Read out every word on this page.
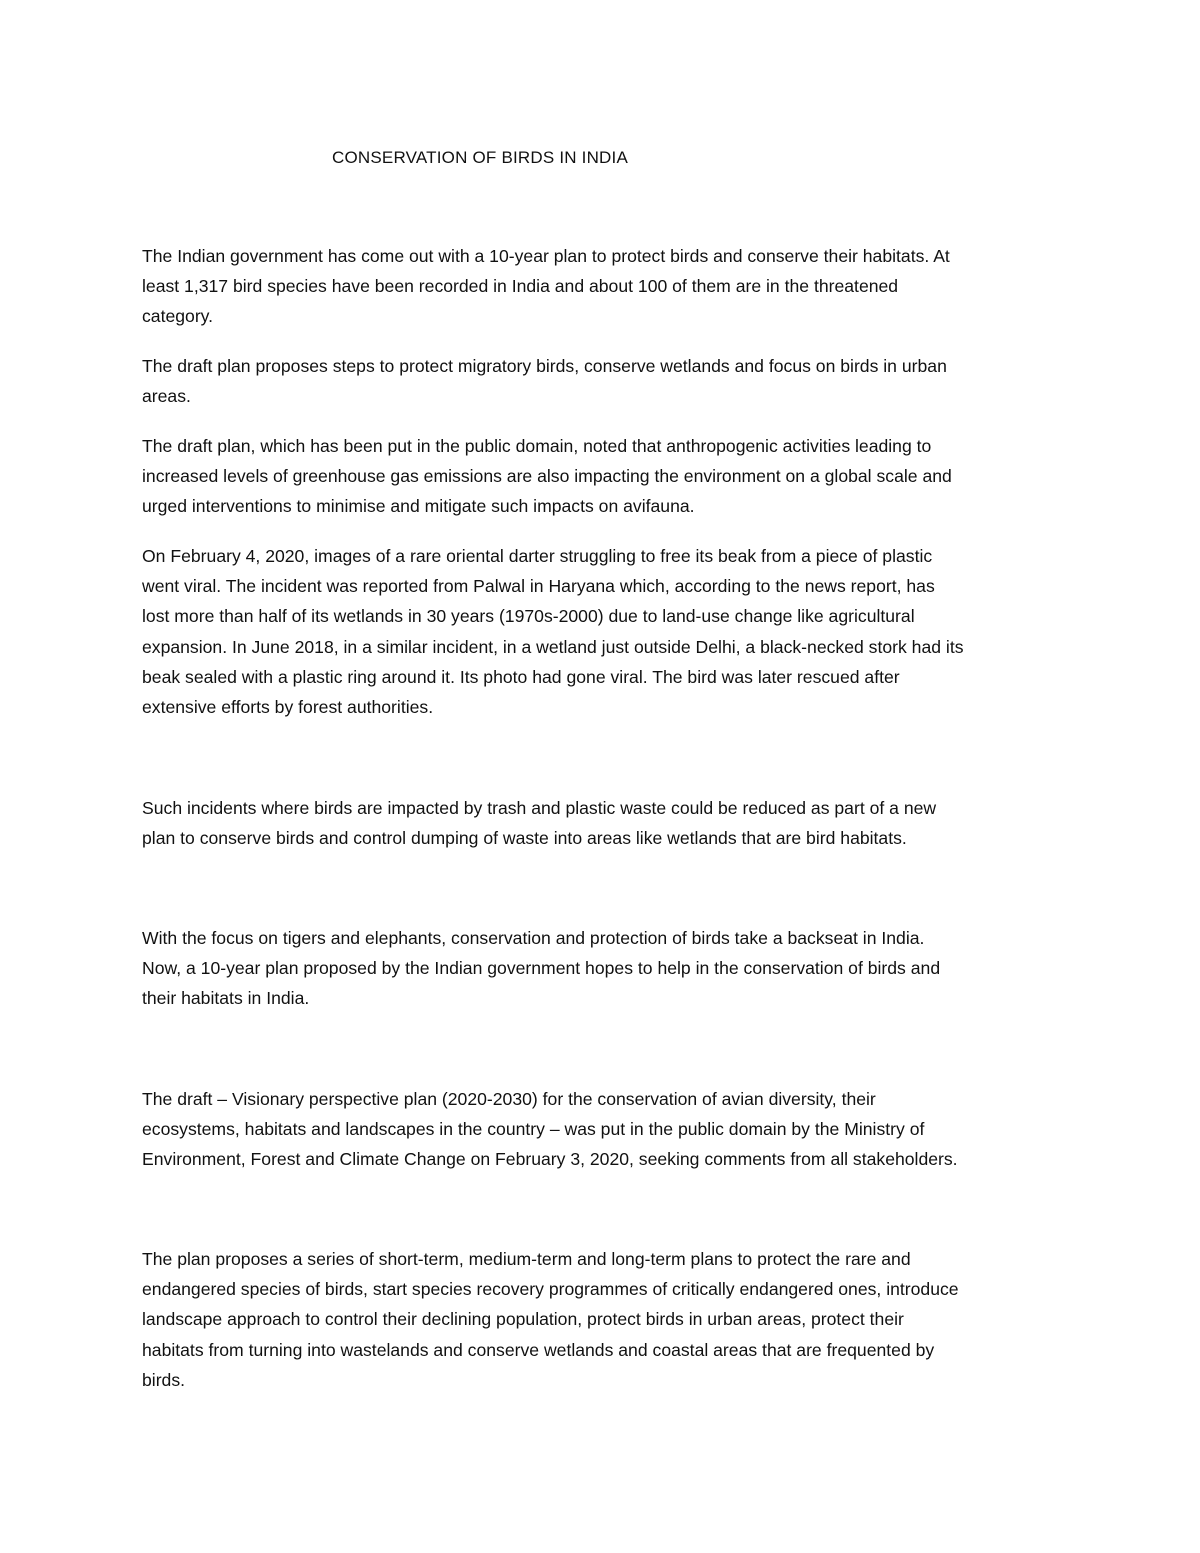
CONSERVATION OF BIRDS IN INDIA

The Indian government has come out with a 10-year plan to protect birds and conserve their habitats. At
least 1,317 bird species have been recorded in India and about 100 of them are in the threatened
category.

The draft plan proposes steps to protect migratory birds, conserve wetlands and focus on birds in urban
areas.

The draft plan, which has been put in the public domain, noted that anthropogenic activities leading to
increased levels of greenhouse gas emissions are also impacting the environment on a global scale and
urged interventions to minimise and mitigate such impacts on avifauna.

On February 4, 2020, images of a rare oriental darter struggling to free its beak from a piece of plastic
went viral. The incident was reported from Palwal in Haryana which, according to the news report, has
lost more than half of its wetlands in 30 years (1970s-2000) due to land-use change like agricultural
expansion. In June 2018, in a similar incident, in a wetland just outside Delhi, a black-necked stork had its
beak sealed with a plastic ring around it. Its photo had gone viral. The bird was later rescued after
extensive efforts by forest authorities.

Such incidents where birds are impacted by trash and plastic waste could be reduced as part of a new
plan to conserve birds and control dumping of waste into areas like wetlands that are bird habitats.

With the focus on tigers and elephants, conservation and protection of birds take a backseat in India.
Now, a 10-year plan proposed by the Indian government hopes to help in the conservation of birds and
their habitats in India.

The draft – Visionary perspective plan (2020-2030) for the conservation of avian diversity, their
ecosystems, habitats and landscapes in the country – was put in the public domain by the Ministry of
Environment, Forest and Climate Change on February 3, 2020, seeking comments from all stakeholders.

The plan proposes a series of short-term, medium-term and long-term plans to protect the rare and
endangered species of birds, start species recovery programmes of critically endangered ones, introduce
landscape approach to control their declining population, protect birds in urban areas, protect their
habitats from turning into wastelands and conserve wetlands and coastal areas that are frequented by
birds.
